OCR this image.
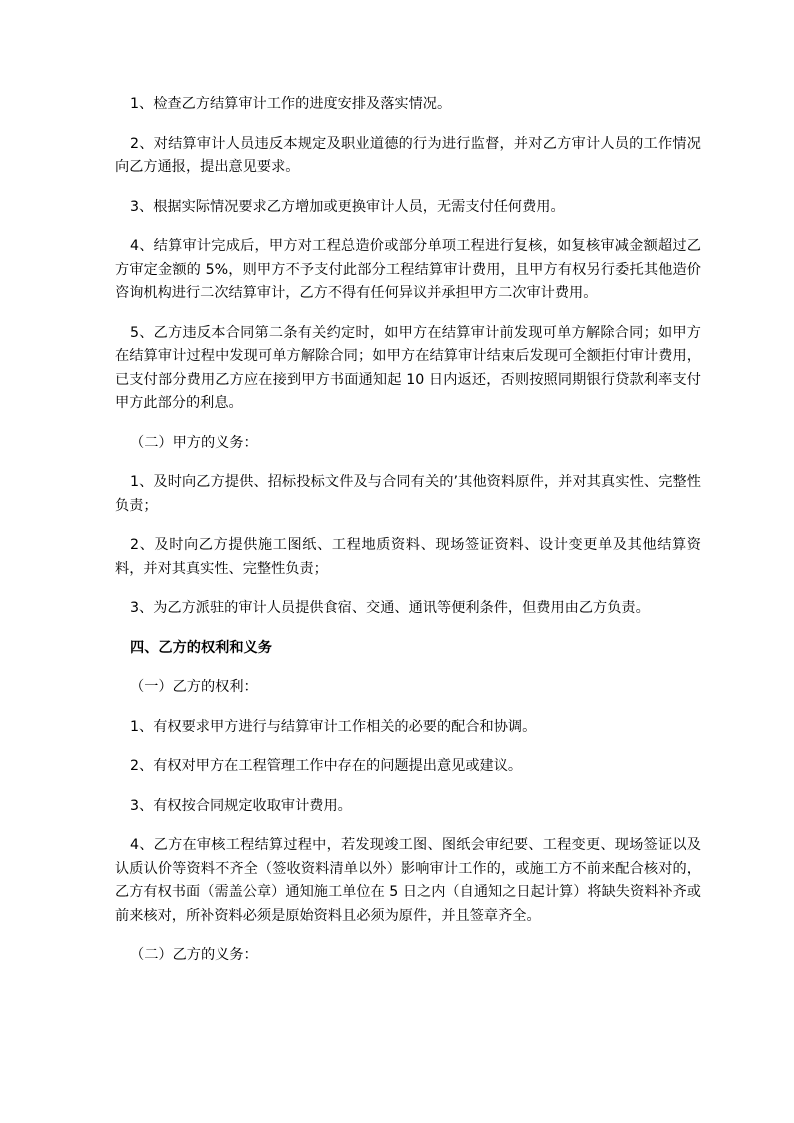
1、检查乙方结算审计工作的进度安排及落实情况。

2、对结算审计人员违反本规定及职业道德的行为进行监督，并对乙方审计人员的工作情况向乙方通报，提出意见要求。

3、根据实际情况要求乙方增加或更换审计人员，无需支付任何费用。

4、结算审计完成后，甲方对工程总造价或部分单项工程进行复核，如复核审减金额超过乙方审定金额的 5%，则甲方不予支付此部分工程结算审计费用，且甲方有权另行委托其他造价咨询机构进行二次结算审计，乙方不得有任何异议并承担甲方二次审计费用。

5、乙方违反本合同第二条有关约定时，如甲方在结算审计前发现可单方解除合同；如甲方在结算审计过程中发现可单方解除合同；如甲方在结算审计结束后发现可全额拒付审计费用，已支付部分费用乙方应在接到甲方书面通知起 10 日内返还，否则按照同期银行贷款利率支付甲方此部分的利息。

（二）甲方的义务：

1、及时向乙方提供、招标投标文件及与合同有关的’其他资料原件，并对其真实性、完整性负责；

2、及时向乙方提供施工图纸、工程地质资料、现场签证资料、设计变更单及其他结算资料，并对其真实性、完整性负责；

3、为乙方派驻的审计人员提供食宿、交通、通讯等便利条件，但费用由乙方负责。

四、乙方的权利和义务

（一）乙方的权利：

1、有权要求甲方进行与结算审计工作相关的必要的配合和协调。

2、有权对甲方在工程管理工作中存在的问题提出意见或建议。

3、有权按合同规定收取审计费用。

4、乙方在审核工程结算过程中，若发现竣工图、图纸会审纪要、工程变更、现场签证以及认质认价等资料不齐全（签收资料清单以外）影响审计工作的，或施工方不前来配合核对的，乙方有权书面（需盖公章）通知施工单位在 5 日之内（自通知之日起计算）将缺失资料补齐或前来核对，所补资料必须是原始资料且必须为原件，并且签章齐全。

（二）乙方的义务：
